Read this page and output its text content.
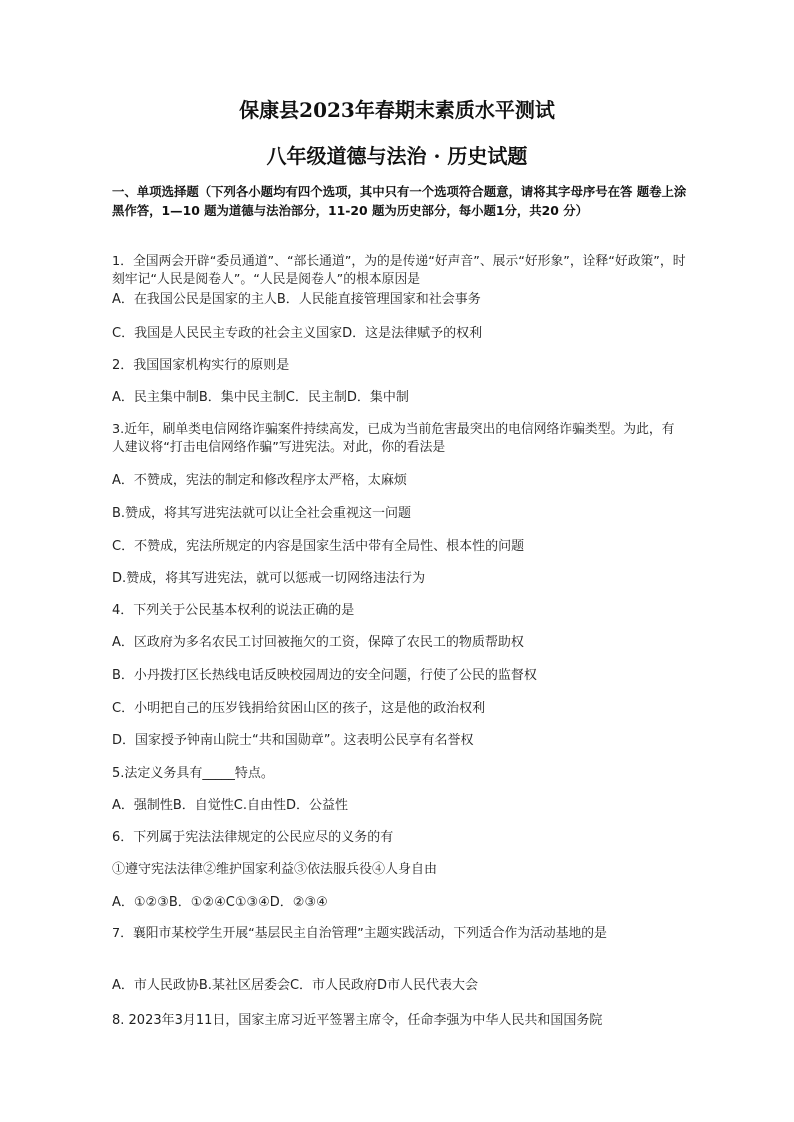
保康县2023年春期末素质水平测试
八年级道德与法治 · 历史试题
一、单项选择题（下列各小题均有四个选项，其中只有一个选项符合题意，请将其字母序号在答 题卷上涂黑作答，1—10 题为道德与法治部分，11-20 题为历史部分，每小题1分，共20 分）
1．全国两会开辟“委员通道”、“部长通道”，为的是传递“好声音”、展示“好形象”，诠释“好政策”，时刻牢记“人民是阅卷人”。“人民是阅卷人”的根本原因是
A．在我国公民是国家的主人B．人民能直接管理国家和社会事务
C．我国是人民民主专政的社会主义国家D．这是法律赋予的权利
2．我国国家机构实行的原则是
A．民主集中制B．集中民主制C．民主制D．集中制
3.近年，刷单类电信网络诈骗案件持续高发，已成为当前危害最突出的电信网络诈骗类型。为此，有人建议将“打击电信网络作骗”写进宪法。对此，你的看法是
A．不赞成，宪法的制定和修改程序太严格，太麻烦
B.赞成，将其写进宪法就可以让全社会重视这一问题
C．不赞成，宪法所规定的内容是国家生活中带有全局性、根本性的问题
D.赞成，将其写进宪法，就可以惩戒一切网络违法行为
4．下列关于公民基本权利的说法正确的是
A．区政府为多名农民工讨回被拖欠的工资，保障了农民工的物质帮助权
B．小丹拨打区长热线电话反映校园周边的安全问题，行使了公民的监督权
C．小明把自己的压岁钱捐给贫困山区的孩子，这是他的政治权利
D．国家授予钟南山院士“共和国勋章”。这表明公民享有名誉权
5.法定义务具有_____特点。
A．强制性B．自觉性C.自由性D．公益性
6．下列属于宪法法律规定的公民应尽的义务的有
①遵守宪法法律②维护国家利益③依法服兵役④人身自由
A．①②③B．①②④C①③④D．②③④
7．襄阳市某校学生开展“基层民主自治管理”主题实践活动，下列适合作为活动基地的是
A．市人民政协B.某社区居委会C．市人民政府D市人民代表大会
8. 2023年3月11日，国家主席习近平签署主席令，任命李强为中华人民共和国国务院
